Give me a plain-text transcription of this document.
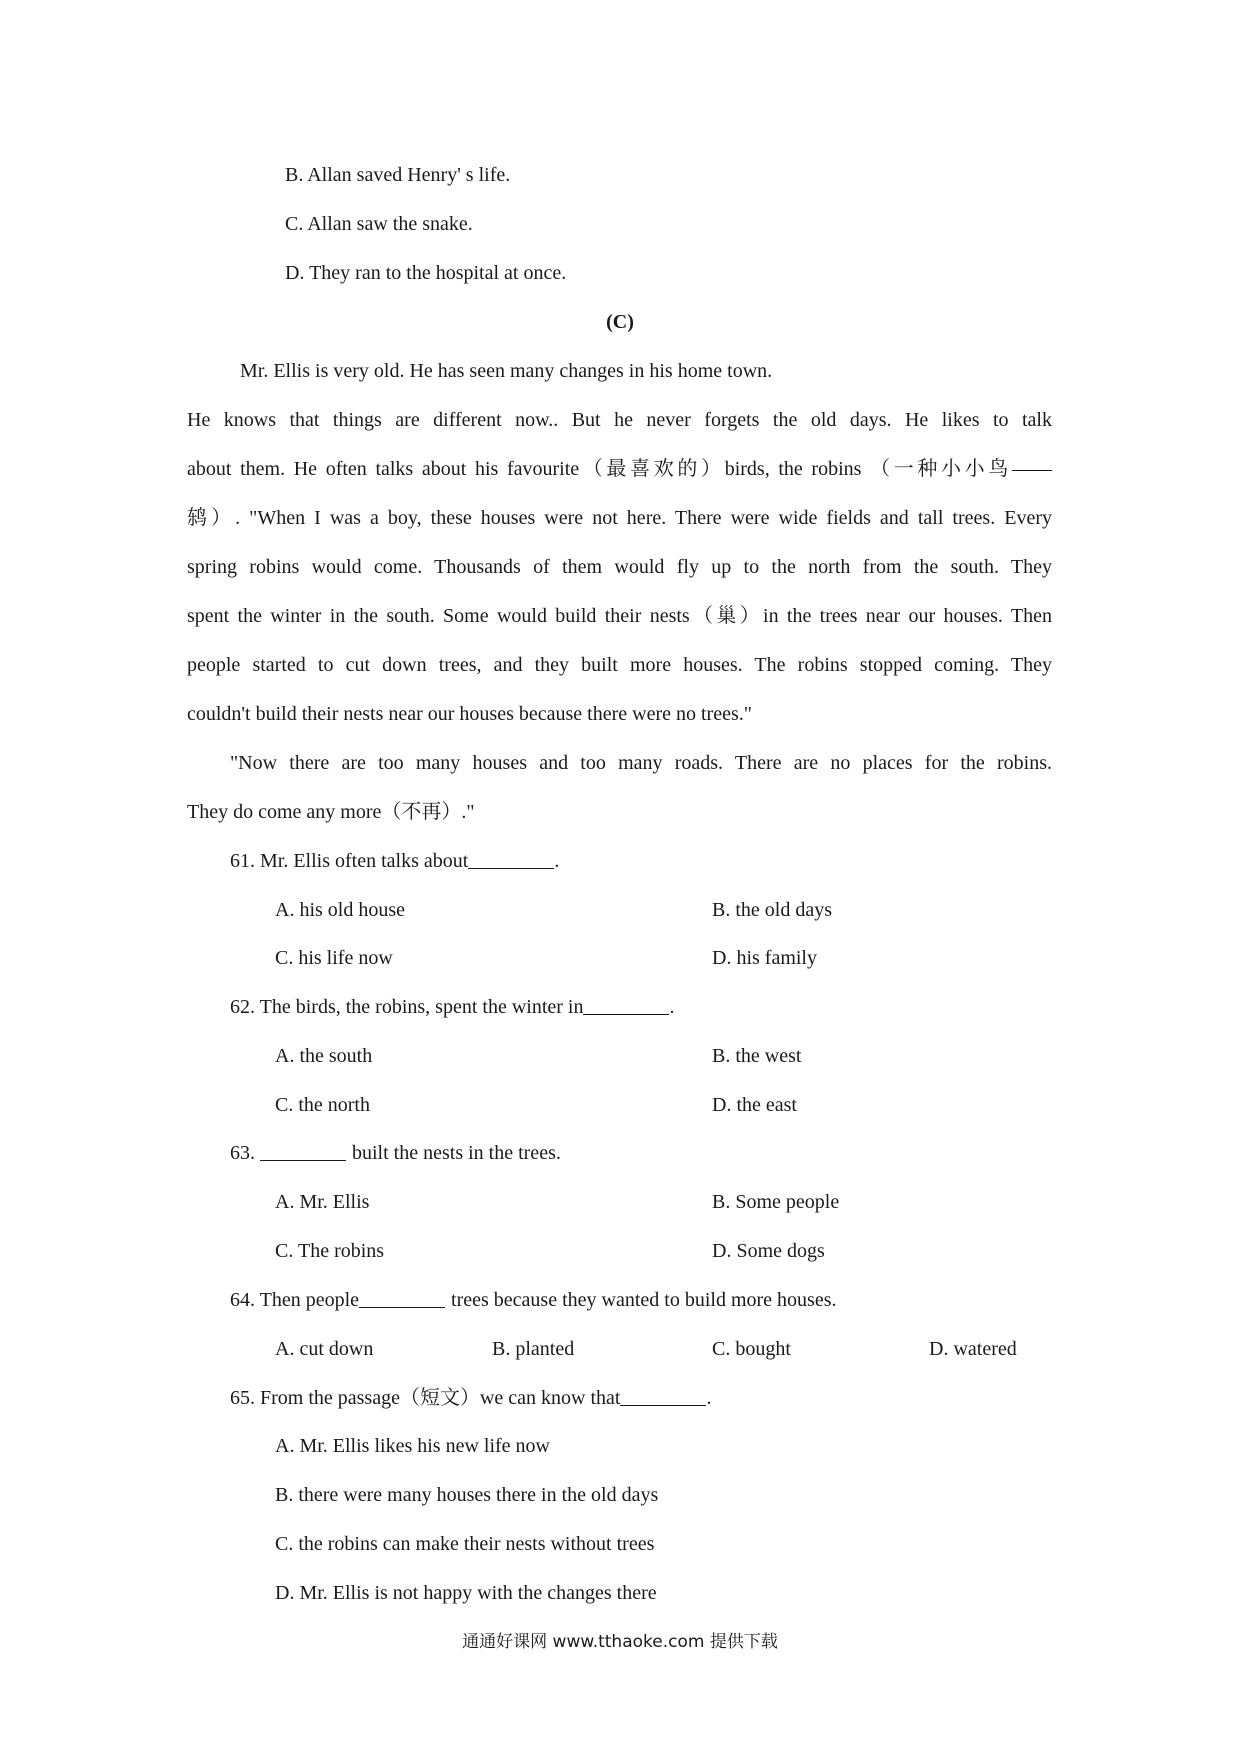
B. Allan saved Henry' s life.
C. Allan saw the snake.
D. They ran to the hospital at once.
(C)
Mr. Ellis is very old. He has seen many changes in his home town.
He knows that things are different now.. But he never forgets the old days. He likes to talk
about them. He often talks about his favourite（最喜欢的）birds, the robins （一种小小鸟——
鸫）. "When I was a boy, these houses were not here. There were wide fields and tall trees. Every
spring robins would come. Thousands of them would fly up to the north from the south. They
spent the winter in the south. Some would build their nests（巢）in the trees near our houses. Then
people started to cut down trees, and they built more houses. The robins stopped coming. They
couldn't build their nests near our houses because there were no trees."
"Now there are too many houses and too many roads. There are no places for the robins.
They do come any more（不再）."
61. Mr. Ellis often talks about	.
A. his old house	B. the old days
C. his life now	D. his family
62. The birds, the robins, spent the winter in	.
A. the south	B. the west
C. the north	D. the east
63.	built the nests in the trees.
A. Mr. Ellis	B. Some people
C. The robins	D. Some dogs
64. Then people	trees because they wanted to build more houses.
A. cut down	B. planted	C. bought	D. watered
65. From the passage（短文）we can know that	.
A. Mr. Ellis likes his new life now
B. there were many houses there in the old days
C. the robins can make their nests without trees
D. Mr. Ellis is not happy with the changes there
通通好课网 www.tthaoke.com 提供下载
